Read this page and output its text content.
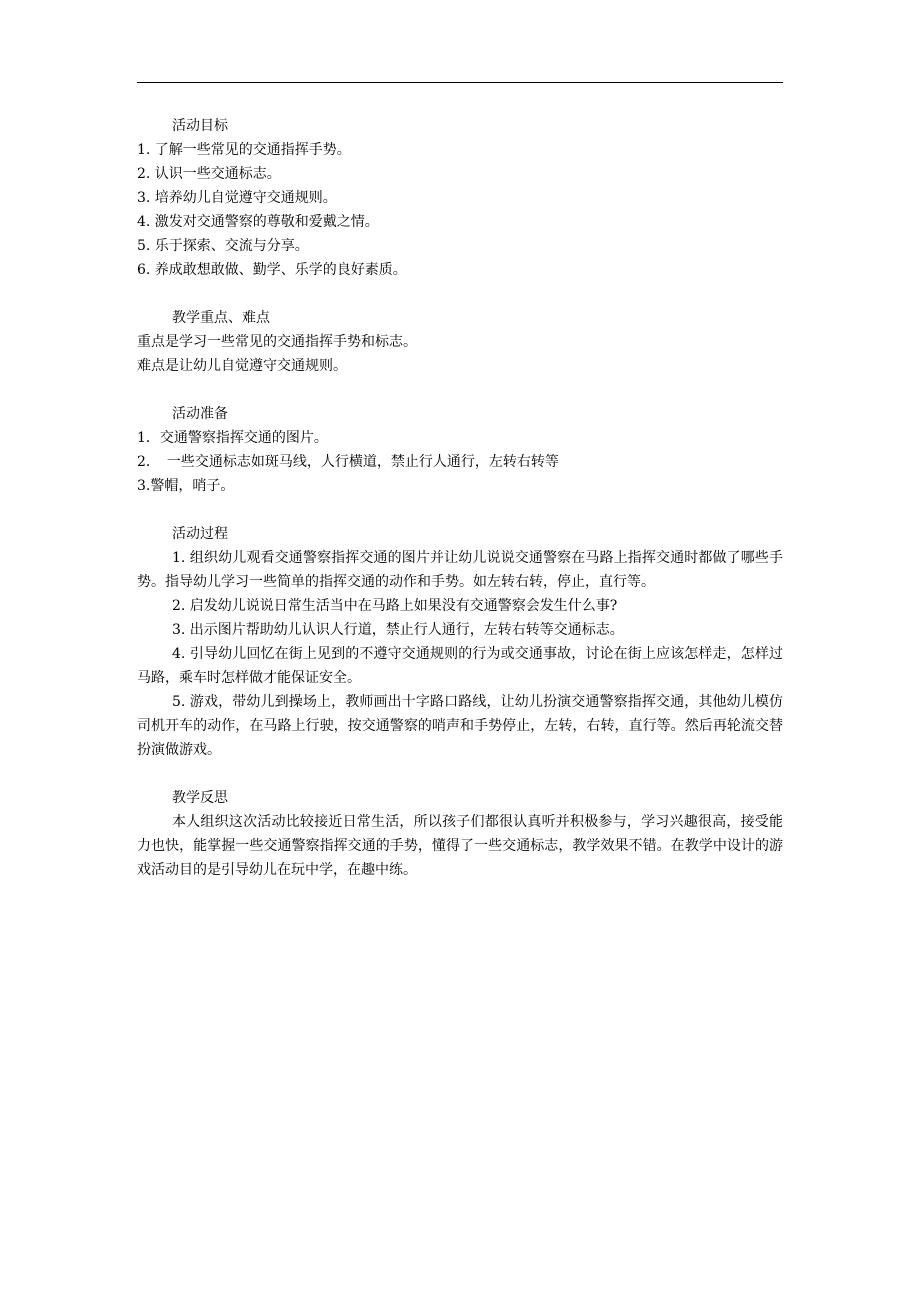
活动目标
1. 了解一些常见的交通指挥手势。
2. 认识一些交通标志。
3. 培养幼儿自觉遵守交通规则。
4. 激发对交通警察的尊敬和爱戴之情。
5. 乐于探索、交流与分享。
6. 养成敢想敢做、勤学、乐学的良好素质。
教学重点、难点
重点是学习一些常见的交通指挥手势和标志。
难点是让幼儿自觉遵守交通规则。
活动准备
1．交通警察指挥交通的图片。
2．　一些交通标志如斑马线，人行横道，禁止行人通行，左转右转等
3.警帽，哨子。
活动过程

1. 组织幼儿观看交通警察指挥交通的图片并让幼儿说说交通警察在马路上指挥交通时都做了哪些手势。指导幼儿学习一些简单的指挥交通的动作和手势。如左转右转，停止，直行等。

2. 启发幼儿说说日常生活当中在马路上如果没有交通警察会发生什么事?

3. 出示图片帮助幼儿认识人行道，禁止行人通行，左转右转等交通标志。

4. 引导幼儿回忆在街上见到的不遵守交通规则的行为或交通事故，讨论在街上应该怎样走，怎样过马路，乘车时怎样做才能保证安全。

5. 游戏，带幼儿到操场上，教师画出十字路口路线，让幼儿扮演交通警察指挥交通，其他幼儿模仿司机开车的动作，在马路上行驶，按交通警察的哨声和手势停止，左转，右转，直行等。然后再轮流交替扮演做游戏。

教学反思

本人组织这次活动比较接近日常生活，所以孩子们都很认真听并积极参与，学习兴趣很高，接受能力也快，能掌握一些交通警察指挥交通的手势，懂得了一些交通标志，教学效果不错。在教学中设计的游戏活动目的是引导幼儿在玩中学，在趣中练。
